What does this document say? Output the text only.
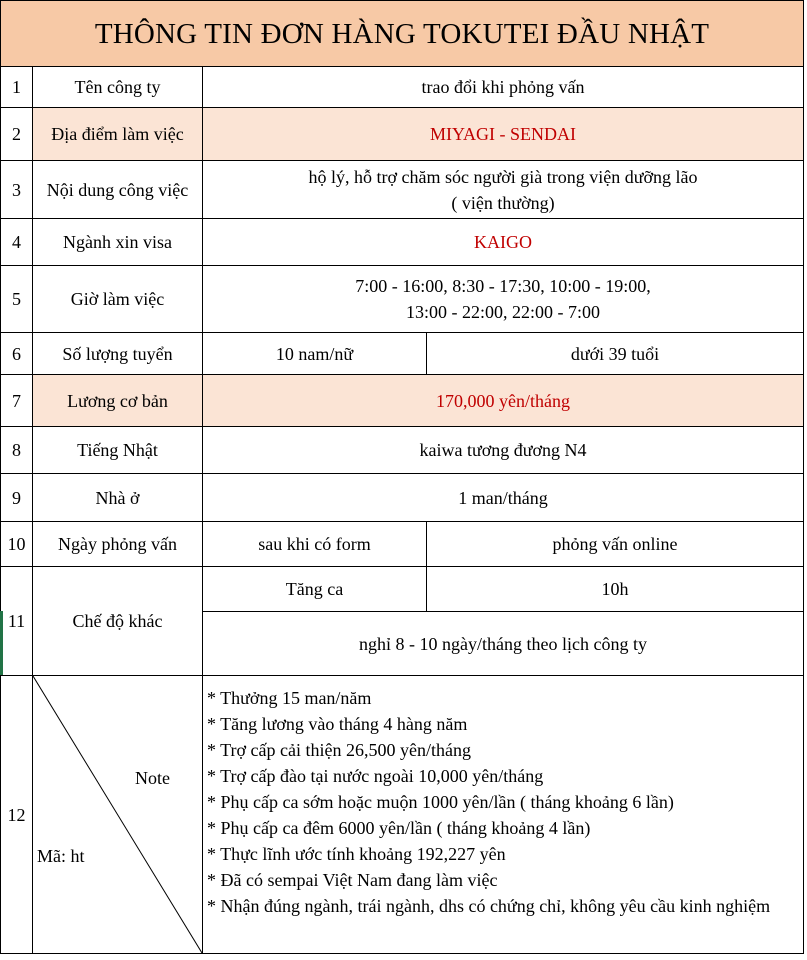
THÔNG TIN ĐƠN HÀNG TOKUTEI ĐẦU NHẬT
1	Tên công ty	trao đổi khi phỏng vấn
2	Địa điểm làm việc	MIYAGI - SENDAI
3	Nội dung công việc
hộ lý, hỗ trợ chăm sóc người già trong viện dưỡng lão
( viện thường)
4	Ngành xin visa	KAIGO
5	Giờ làm việc
7:00 - 16:00, 8:30 - 17:30, 10:00 - 19:00,
13:00 - 22:00, 22:00 - 7:00
6	Số lượng tuyển	10 nam/nữ	dưới 39 tuổi
7	Lương cơ bản	170,000 yên/tháng
8	Tiếng Nhật	kaiwa tương đương N4
9	Nhà ở	1 man/tháng
10	Ngày phỏng vấn	sau khi có form	phỏng vấn online
11	Chế độ khác
Tăng ca	10h
nghỉ 8 - 10 ngày/tháng theo lịch công ty
12
Note
Mã: ht
* Thưởng 15 man/năm
* Tăng lương vào tháng 4 hàng năm
* Trợ cấp cải thiện 26,500 yên/tháng
* Trợ cấp đào tại nước ngoài 10,000 yên/tháng
* Phụ cấp ca sớm hoặc muộn 1000 yên/lần ( tháng khoảng 6 lần)
* Phụ cấp ca đêm 6000 yên/lần ( tháng khoảng 4 lần)
* Thực lĩnh ước tính khoảng 192,227 yên
* Đã có sempai Việt Nam đang làm việc
* Nhận đúng ngành, trái ngành, dhs có chứng chỉ, không yêu cầu kinh nghiệm
